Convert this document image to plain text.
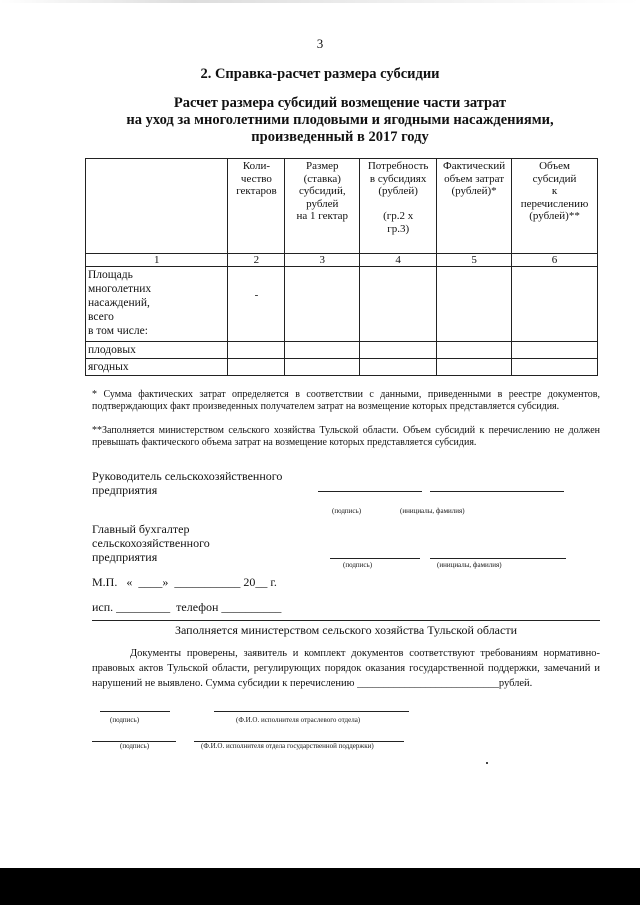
3
2. Справка-расчет размера субсидии
Расчет размера субсидий возмещение части затрат
на уход за многолетними плодовыми и ягодными насаждениями,
произведенный в 2017 году
	Коли-
чество
гектаров	Размер
(ставка)
субсидий,
рублей
на 1 гектар	Потребность
в субсидиях
(рублей)

(гр.2 х
гр.3)	Фактический
объем затрат
(рублей)*	Объем
субсидий
к
перечислению
(рублей)**
1	2	3	4	5	6
Площадь
многолетних
насаждений,
всего
в том числе:	-				
плодовых					
ягодных					
* Сумма фактических затрат определяется в соответствии с данными, приведенными в реестре документов, подтверждающих факт произведенных получателем затрат на возмещение которых представляется субсидия.
**Заполняется министерством сельского хозяйства Тульской области. Объем субсидий к перечислению не должен превышать фактического объема затрат на возмещение которых представляется субсидия.
Руководитель сельскохозяйственного
предприятия
(подпись)	(инициалы, фамилия)
Главный бухгалтер
сельскохозяйственного
предприятия
(подпись)	(инициалы, фамилия)
М.П.   «  ____»  ___________ 20__ г.
исп. _________  телефон __________
Заполняется министерством сельского хозяйства Тульской области
Документы проверены, заявитель и комплект документов соответствуют требованиям нормативно-правовых актов Тульской области, регулирующих порядок оказания государственной поддержки, замечаний и нарушений не выявлено. Сумма субсидии к перечислению ___________________________рублей.
(подпись)	(Ф.И.О. исполнителя отраслевого отдела)
(подпись)	(Ф.И.О. исполнителя отдела государственной поддержки)
